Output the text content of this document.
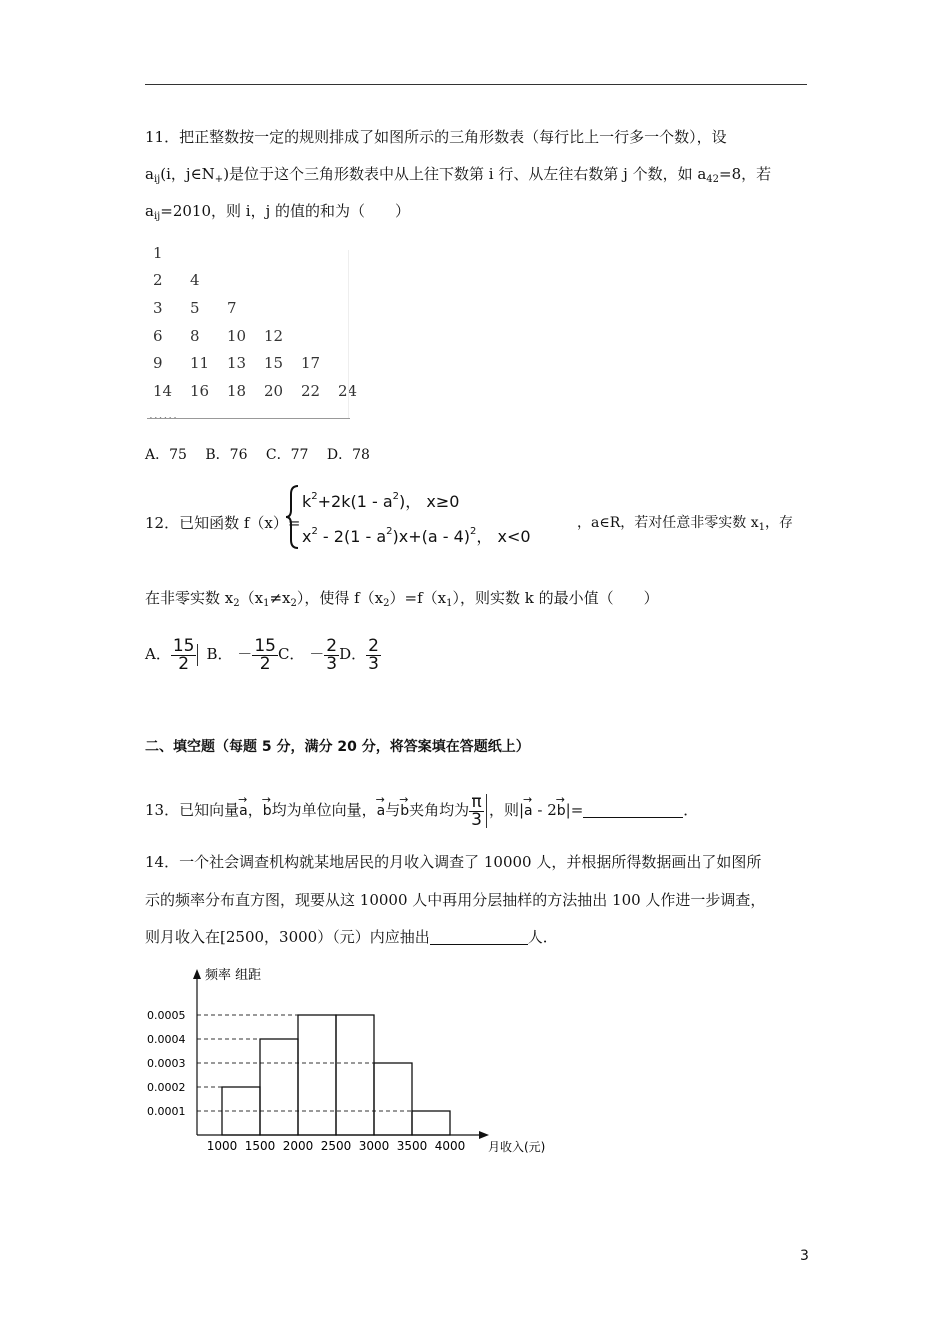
11．把正整数按一定的规则排成了如图所示的三角形数表（每行比上一行多一个数），设
$a_{ij}(i$，$j\in N_+$)是位于这个三角形数表中从上往下数第 i 行、从左往右数第 j 个数，如 $a_{42}=8$，若
$a_{ij}=2010$，则 i，j 的值的和为（　　）
1
2	4
3	5	7
6	8	10	12
9	11	13	15	17
14	16	18	20	22	24
......
A．75　 B．76　 C．77　 D．78
12．已知函数 f（x）=
$k^2+2k(1 - a^2)$， x≥0
$x^2 - 2(1 - a^2)x+(a - 4)^2$， x<0
，a∈R，若对任意非零实数 $x_1$，存
在非零实数 $x_2(x_1\ne x_2)$，使得 $f(x_2)=f(x_1)$，则实数 k 的最小值（　　）
A． $\frac{15}{2}$ B． － $\frac{15}{2}$ C． － $\frac{2}{3}$ D． $\frac{2}{3}$
二、填空题（每题 5 分，满分 20 分，将答案填在答题纸上）
13．已知向量
→
a，
→
b均为单位向量，
→
a与
→
b夹角均为 $\frac{\pi}{3}$ ，则|
→
a - 2
→
b|=	．
14．一个社会调查机构就某地居民的月收入调查了 10000 人，并根据所得数据画出了如图所
示的频率分布直方图，现要从这 10000 人中再用分层抽样的方法抽出 100 人作进一步调查，
则月收入在[2500，3000）（元）内应抽出	人．
0.0001
0.0002
0.0003
0.0004
0.0005
1000 1500 2000 2500 3000 3500 4000
频率 组距
月收入(元)
3
